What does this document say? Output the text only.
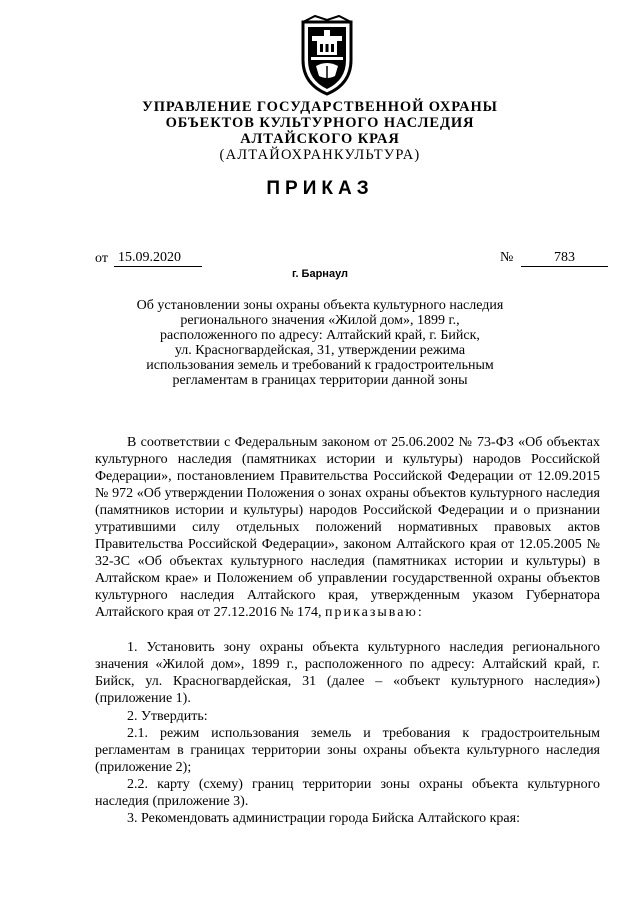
УПРАВЛЕНИЕ ГОСУДАРСТВЕННОЙ ОХРАНЫ
ОБЪЕКТОВ КУЛЬТУРНОГО НАСЛЕДИЯ
АЛТАЙСКОГО КРАЯ
(АЛТАЙОХРАНКУЛЬТУРА)
ПРИКАЗ
от 15.09.2020	№	783
г. Барнаул
Об установлении зоны охраны объекта культурного наследия
регионального значения «Жилой дом», 1899 г.,
расположенного по адресу: Алтайский край, г. Бийск,
ул. Красногвардейская, 31, утверждении режима
использования земель и требований к градостроительным
регламентам в границах территории данной зоны
В соответствии с Федеральным законом от 25.06.2002 № 73-ФЗ «Об объектах культурного наследия (памятниках истории и культуры) народов Российской Федерации», постановлением Правительства Российской Федерации от 12.09.2015 № 972 «Об утверждении Положения о зонах охраны объектов культурного наследия (памятников истории и культуры) народов Российской Федерации и о признании утратившими силу отдельных положений нормативных правовых актов Правительства Российской Федерации», законом Алтайского края от 12.05.2005 № 32-ЗС «Об объектах культурного наследия (памятниках истории и культуры) в Алтайском крае» и Положением об управлении государственной охраны объектов культурного наследия Алтайского края, утвержденным указом Губернатора Алтайского края от 27.12.2016 № 174, приказываю:
1. Установить зону охраны объекта культурного наследия регионального значения «Жилой дом», 1899 г., расположенного по адресу: Алтайский край, г. Бийск, ул. Красногвардейская, 31 (далее – «объект культурного наследия») (приложение 1).
2. Утвердить:
2.1. режим использования земель и требования к градостроительным регламентам в границах территории зоны охраны объекта культурного наследия (приложение 2);
2.2. карту (схему) границ территории зоны охраны объекта культурного наследия (приложение 3).
3. Рекомендовать администрации города Бийска Алтайского края:
